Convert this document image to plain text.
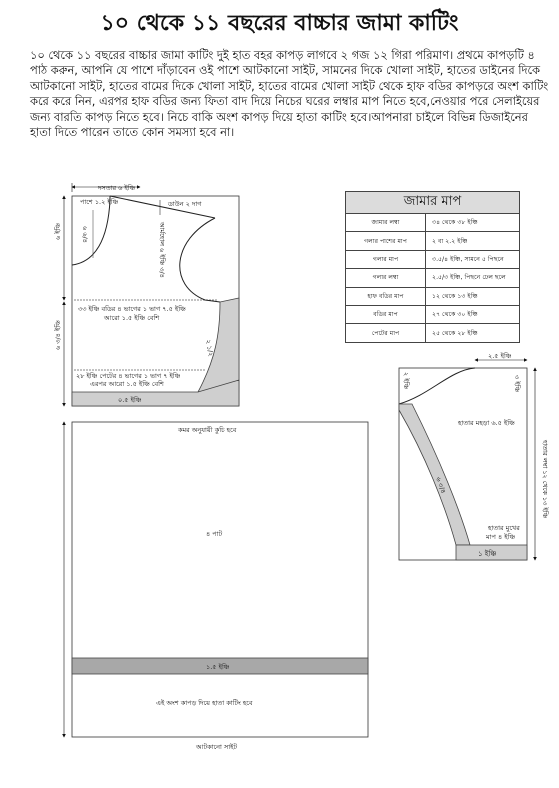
১০ থেকে ১১ বছরের বাচ্চার জামা কাটিং
১০ থেকে ১১ বছরের বাচ্চার জামা কাটিং দুই হাত বহর কাপড় লাগবে ২ গজ ১২ গিরা পরিমাণ। প্রথমে কাপড়টি ৪ পাঠ করুন, আপনি যে পাশে দাঁড়াবেন ওই পাশে আটকানো সাইট, সামনের দিকে খোলা সাইট, হাতের ডাইনের দিকে আটকানো সাইট, হাতের বামের দিকে খোলা সাইট, হাতের বামের খোলা সাইট থেকে হাফ বডির কাপড়রে অংশ কাটিং করে করে নিন, এরপর হাফ বডির জন্য ফিতা বাদ দিয়ে নিচের ঘরের লম্বার মাপ নিতে হবে,নেওয়ার পরে সেলাইয়ের জন্য বারতি কাপড় নিতে হবে। নিচে বাকি অংশ কাপড় দিয়ে হাতা কাটিং হবে।আপনারা চাইলে বিভিন্ন ডিজাইনের হাতা দিতে পারেন তাতে কোন সমস্যা হবে না।
জামার মাপ	
জামার লম্বা	৩৪ থেকে ৩৮ ইঞ্চি
গলার পাশের মাপ	২ বা ২.২ ইঞ্চি
গলার মাপ	৩.৫/৪ ইঞ্চি, সামনে ৫ পিছনে
গলার লম্বা	২.৫/৩ ইঞ্চি, পিছনে ঢেল ছলে
হাফ বডির মাপ	১২ থেকে ১৩ ইঞ্চি
বডির মাপ	২৭ থেকে ৩০ ইঞ্চি
পেটের মাপ	২৫ থেকে ২৮ ইঞ্চি
দসতার ৬ ইঞ্চি
পাশে ১.২ ইঞ্চি	ডাউন ২ দাগ
৬ ৬/৪	আর্মহোল ৬ ইঞ্চি ৩/৪
৩৩ ইঞ্চি বডির ৪ ভাগের ১ ভাগ ৭.৫ ইঞ্চি
আরো ১.৫ ইঞ্চি বেশি
২ ১/২
২৮ ইঞ্চি পেটের ৪ ভাগের ১ ভাগ ৭ ইঞ্চি
এরপর আরো ১.৫ ইঞ্চি বেশি
০.৫ ইঞ্চি
৬ ইঞ্চি
৬ ৩/৪ ইঞ্চি
২.৫ ইঞ্চি
৩ ইঞ্চি
২ ইঞ্চি
হাতার মহড়া ৬.৫ ইঞ্চি
হাতার লম্বা ১২ থেকে ১৩ ইঞ্চি
৬ ৩/৪
হাতার মুখের
মাপ ৪ ইঞ্চি
১ ইঞ্চি
কমর অনুযায়ী কুচি হবে
৪ পাট
১.৫ ইঞ্চি
এই অংশ কাপড় দিয়ে হাতা কাটিং হবে
আটকানো সাইট
